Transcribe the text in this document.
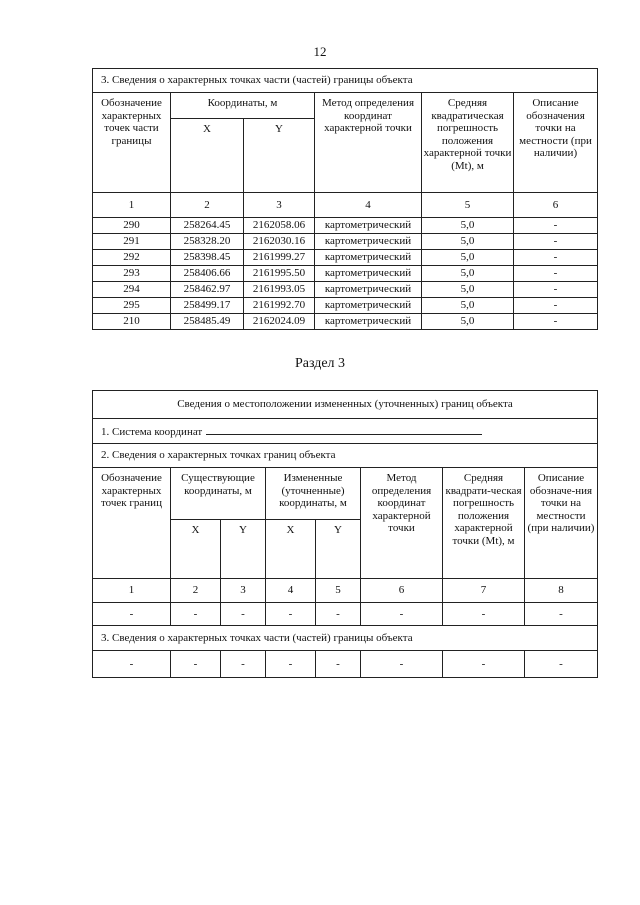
12
3. Сведения о характерных точках части (частей) границы объекта					
Обозначение характерных точек части границы	Координаты, м		Метод определения координат характерной точки	Средняя квадратическая погрешность положения характерной точки (Mt), м	Описание обозначения точки на местности (при наличии)
	X	Y			
1	2	3	4	5	6
290	258264.45	2162058.06	картометрический	5,0	-
291	258328.20	2162030.16	картометрический	5,0	-
292	258398.45	2161999.27	картометрический	5,0	-
293	258406.66	2161995.50	картометрический	5,0	-
294	258462.97	2161993.05	картометрический	5,0	-
295	258499.17	2161992.70	картометрический	5,0	-
210	258485.49	2162024.09	картометрический	5,0	-
Раздел 3
Сведения о местоположении измененных (уточненных) границ объекта							
1. Система координат							
2. Сведения о характерных точках границ объекта							
Обозначение характерных точек границ	Существующие координаты, м		Измененные (уточненные) координаты, м		Метод определения координат характерной точки	Средняя квадрати-ческая погрешность положения характерной точки (Mt), м	Описание обозначе-ния точки на местности (при наличии)
	X	Y	X	Y			
1	2	3	4	5	6	7	8
-	-	-	-	-	-	-	-
3. Сведения о характерных точках части (частей) границы объекта							
-	-	-	-	-	-	-	-
